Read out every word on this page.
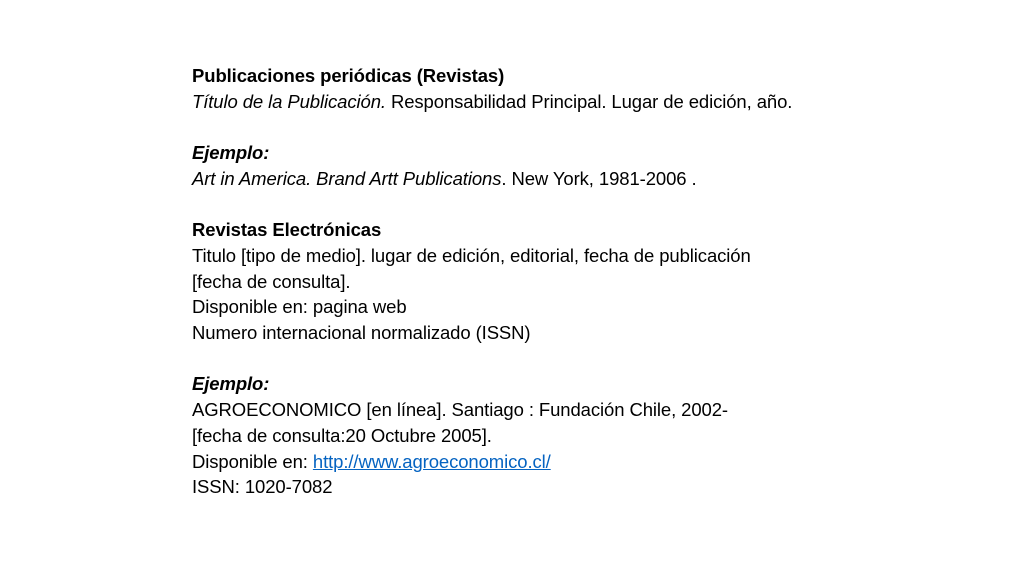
Publicaciones periódicas (Revistas)
Título de la Publicación. Responsabilidad Principal. Lugar de edición, año.
Ejemplo:
Art in America. Brand Artt Publications. New York, 1981-2006 .
Revistas Electrónicas
Titulo [tipo de medio]. lugar de edición, editorial, fecha de publicación
[fecha de consulta].
Disponible en: pagina web
Numero internacional normalizado (ISSN)
Ejemplo:
AGROECONOMICO [en línea]. Santiago : Fundación Chile, 2002-
[fecha de consulta:20 Octubre 2005].
Disponible en: http://www.agroeconomico.cl/
ISSN: 1020-7082
